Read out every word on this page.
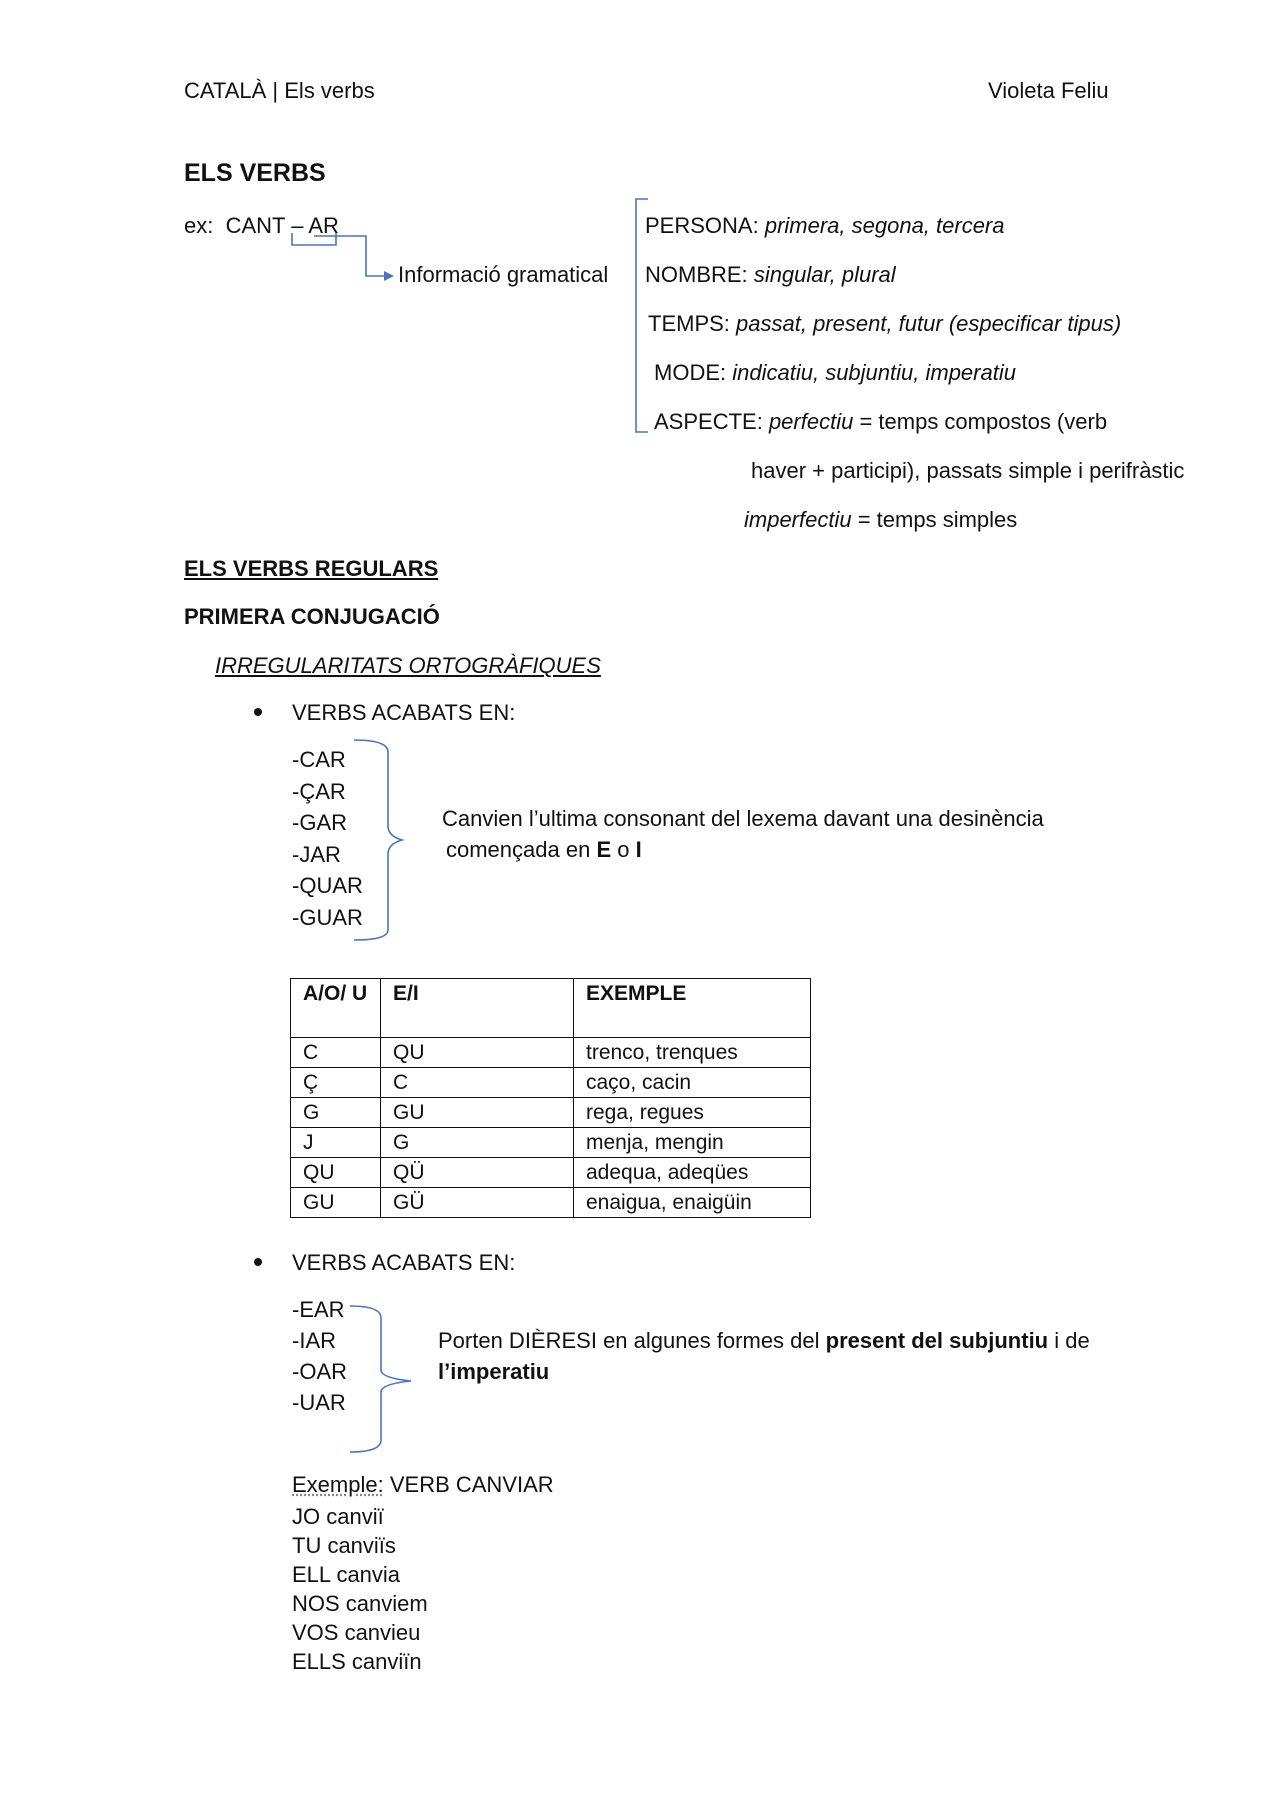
CATALÀ | Els verbs	Violeta Feliu
ELS VERBS
ex: CANT – AR
Informació gramatical
PERSONA: primera, segona, tercera
NOMBRE: singular, plural
TEMPS: passat, present, futur (especificar tipus)
MODE: indicatiu, subjuntiu, imperatiu
ASPECTE: perfectiu = temps compostos (verb
haver + participi), passats simple i perifràstic
imperfectiu = temps simples
ELS VERBS REGULARS
PRIMERA CONJUGACIÓ
IRREGULARITATS ORTOGRÀFIQUES
VERBS ACABATS EN:
-CAR
-ÇAR
-GAR
-JAR
-QUAR
-GUAR
Canvien l’ultima consonant del lexema davant una desinència
començada en E o I
A/O/ U	E/I	EXEMPLE
C	QU	trenco, trenques
Ç	C	caço, cacin
G	GU	rega, regues
J	G	menja, mengin
QU	QÜ	adequa, adeqües
GU	GÜ	enaigua, enaigüin
VERBS ACABATS EN:
-EAR
-IAR
-OAR
-UAR
Porten DIÈRESI en algunes formes del present del subjuntiu i de
l’imperatiu
Exemple: VERB CANVIAR
JO canviï
TU canviïs
ELL canvia
NOS canviem
VOS canvieu
ELLS canviïn
